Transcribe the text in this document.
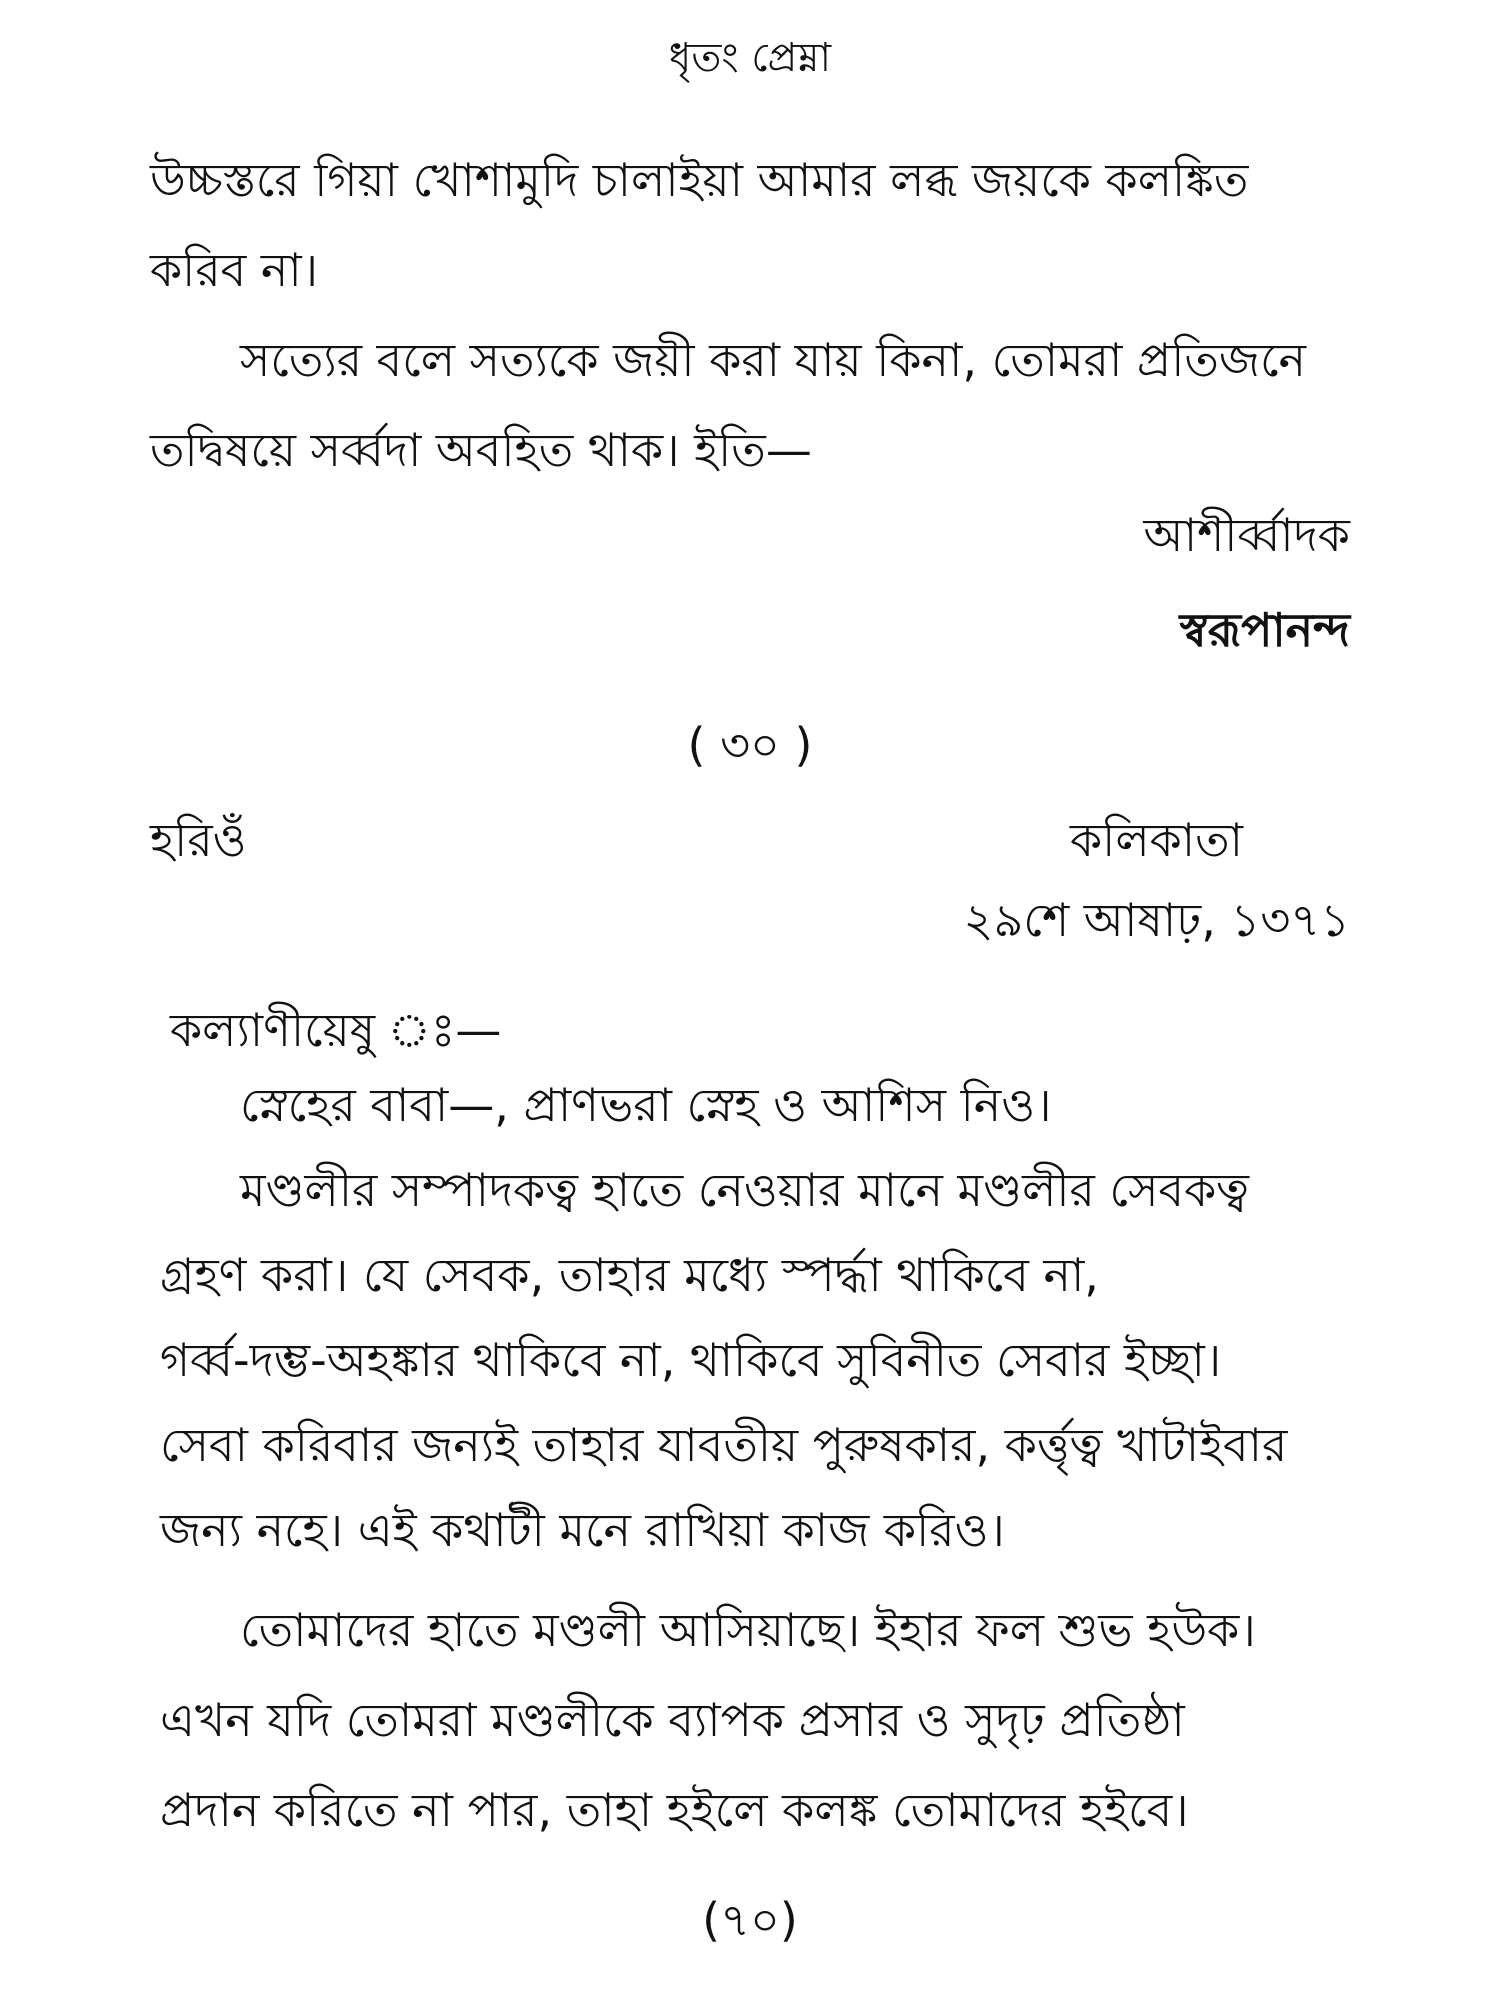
ধৃতং প্রেম্না
উচ্চস্তরে গিয়া খোশামুদি চালাইয়া আমার লব্ধ জয়কে কলঙ্কিত
করিব না।
সত্যের বলে সত্যকে জয়ী করা যায় কিনা, তোমরা প্রতিজনে
তদ্বিষয়ে সর্ব্বদা অবহিত থাক। ইতি—
আশীর্ব্বাদক
স্বরূপানন্দ
( ৩০ )
হরিওঁ	কলিকাতা
২৯শে আষাঢ়, ১৩৭১
কল্যাণীয়েষু ঃ—
স্নেহের বাবা—, প্রাণভরা স্নেহ ও আশিস নিও।
মণ্ডলীর সম্পাদকত্ব হাতে নেওয়ার মানে মণ্ডলীর সেবকত্ব
গ্রহণ করা। যে সেবক, তাহার মধ্যে স্পর্দ্ধা থাকিবে না,
গর্ব্ব-দম্ভ-অহঙ্কার থাকিবে না, থাকিবে সুবিনীত সেবার ইচ্ছা।
সেবা করিবার জন্যই তাহার যাবতীয় পুরুষকার, কর্ত্তৃত্ব খাটাইবার
জন্য নহে। এই কথাটী মনে রাখিয়া কাজ করিও।
তোমাদের হাতে মণ্ডলী আসিয়াছে। ইহার ফল শুভ হউক।
এখন যদি তোমরা মণ্ডলীকে ব্যাপক প্রসার ও সুদৃঢ় প্রতিষ্ঠা
প্রদান করিতে না পার, তাহা হইলে কলঙ্ক তোমাদের হইবে।
(৭০)
